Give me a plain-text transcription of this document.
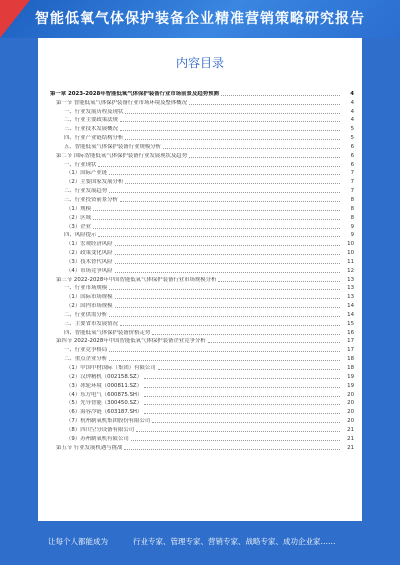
智能低氧气体保护装备企业精准营销策略研究报告
内容目录
第一章 2023-2028年智能低氧气体保护装备行业市场前景及趋势预测	4
第一节 智能低氧气体保护装备行业市场环境及整体概况	4
一、行业发展历程及现状	4
二、行业主要政策法规	4
三、行业技术发展概况	5
四、行业产业链结构分析	5
五、智能低氧气体保护装备行业规模分析	6
第二节 国际智能低氧气体保护装备行业发展现状及趋势	6
一、行业现状	6
（1）国际产业链	7
（2）主要国家发展分析	7
二、行业发展趋势	7
三、行业投资前景分析	8
（1）规模	8
（2）区域	8
（3）企业	9
四、风险提示	9
（1）宏观经济风险	10
（2）政策变化风险	10
（3）技术替代风险	11
（4）市场竞争风险	12
第三节 2022-2028年中国智能低氧气体保护装备行业市场规模分析	13
一、行业市场规模	13
（1）国际市场规模	13
（2）国内市场规模	14
二、行业供需分析	14
三、主要省市发展情况	15
四、智能低氧气体保护装备价格走势	16
第四节 2022-2028年中国智能低氧气体保护装备企业竞争分析	17
一、行业竞争格局	17
二、重点企业分析	18
（1）中国中材国际（集团）有限公司	18
（2）汉钟精机（002158.SZ）	19
（3）冰轮环境（000811.SZ）	19
（4）东方电气（600875.SH）	20
（5）先导智能（300450.SZ）	20
（6）海容冷链（603187.SH）	20
（7）杭州制氧机集团股份有限公司	20
（8）四川空分设备有限公司	21
（9）苏州制氧机有限公司	21
第五节 行业发展机遇与挑战	21
让每个人都能成为	行业专家、管理专家、营销专家、战略专家、成功企业家……
